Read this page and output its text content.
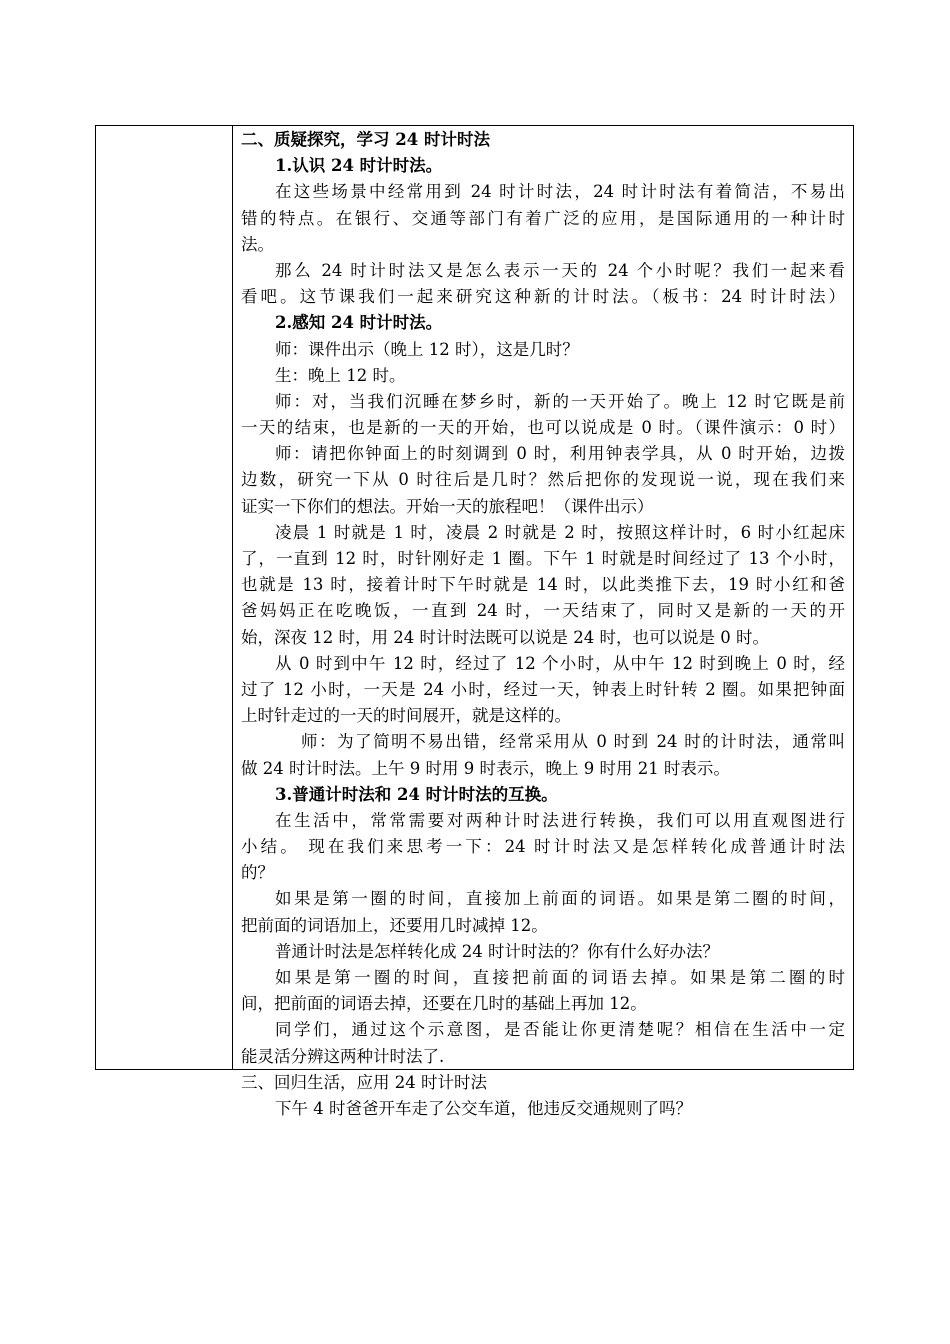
二、质疑探究，学习 24 时计时法
1.认识 24 时计时法。
在这些场景中经常用到 24 时计时法，24 时计时法有着简洁，不易出
错的特点。在银行、交通等部门有着广泛的应用，是国际通用的一种计时
法。
那么 24 时计时法又是怎么表示一天的 24 个小时呢？我们一起来看
看吧。这节课我们一起来研究这种新的计时法。（板书：24 时计时法）
2.感知 24 时计时法。
师：课件出示（晚上 12 时），这是几时？
生：晚上 12 时。
师：对，当我们沉睡在梦乡时，新的一天开始了。晚上 12 时它既是前
一天的结束，也是新的一天的开始，也可以说成是 0 时。（课件演示：0 时）
师：请把你钟面上的时刻调到 0 时，利用钟表学具，从 0 时开始，边拨
边数，研究一下从 0 时往后是几时？然后把你的发现说一说，现在我们来
证实一下你们的想法。开始一天的旅程吧！（课件出示）
凌晨 1 时就是 1 时，凌晨 2 时就是 2 时，按照这样计时，6 时小红起床
了，一直到 12 时，时针刚好走 1 圈。下午 1 时就是时间经过了 13 个小时，
也就是 13 时，接着计时下午时就是 14 时，以此类推下去，19 时小红和爸
爸妈妈正在吃晚饭，一直到 24 时，一天结束了，同时又是新的一天的开
始，深夜 12 时，用 24 时计时法既可以说是 24 时，也可以说是 0 时。
从 0 时到中午 12 时，经过了 12 个小时，从中午 12 时到晚上 0 时，经
过了 12 小时，一天是 24 小时，经过一天，钟表上时针转 2 圈。如果把钟面
上时针走过的一天的时间展开，就是这样的。
师：为了简明不易出错，经常采用从 0 时到 24 时的计时法，通常叫
做 24 时计时法。上午 9 时用 9 时表示，晚上 9 时用 21 时表示。
3.普通计时法和 24 时计时法的互换。
在生活中，常常需要对两种计时法进行转换，我们可以用直观图进行
小结。 现在我们来思考一下：24 时计时法又是怎样转化成普通计时法
的？
如果是第一圈的时间，直接加上前面的词语。如果是第二圈的时间，
把前面的词语加上，还要用几时减掉 12。
普通计时法是怎样转化成 24 时计时法的？你有什么好办法？
如果是第一圈的时间，直接把前面的词语去掉。如果是第二圈的时
间，把前面的词语去掉，还要在几时的基础上再加 12。
同学们，通过这个示意图，是否能让你更清楚呢？相信在生活中一定
能灵活分辨这两种计时法了.
三、回归生活，应用 24 时计时法
下午 4 时爸爸开车走了公交车道，他违反交通规则了吗？
